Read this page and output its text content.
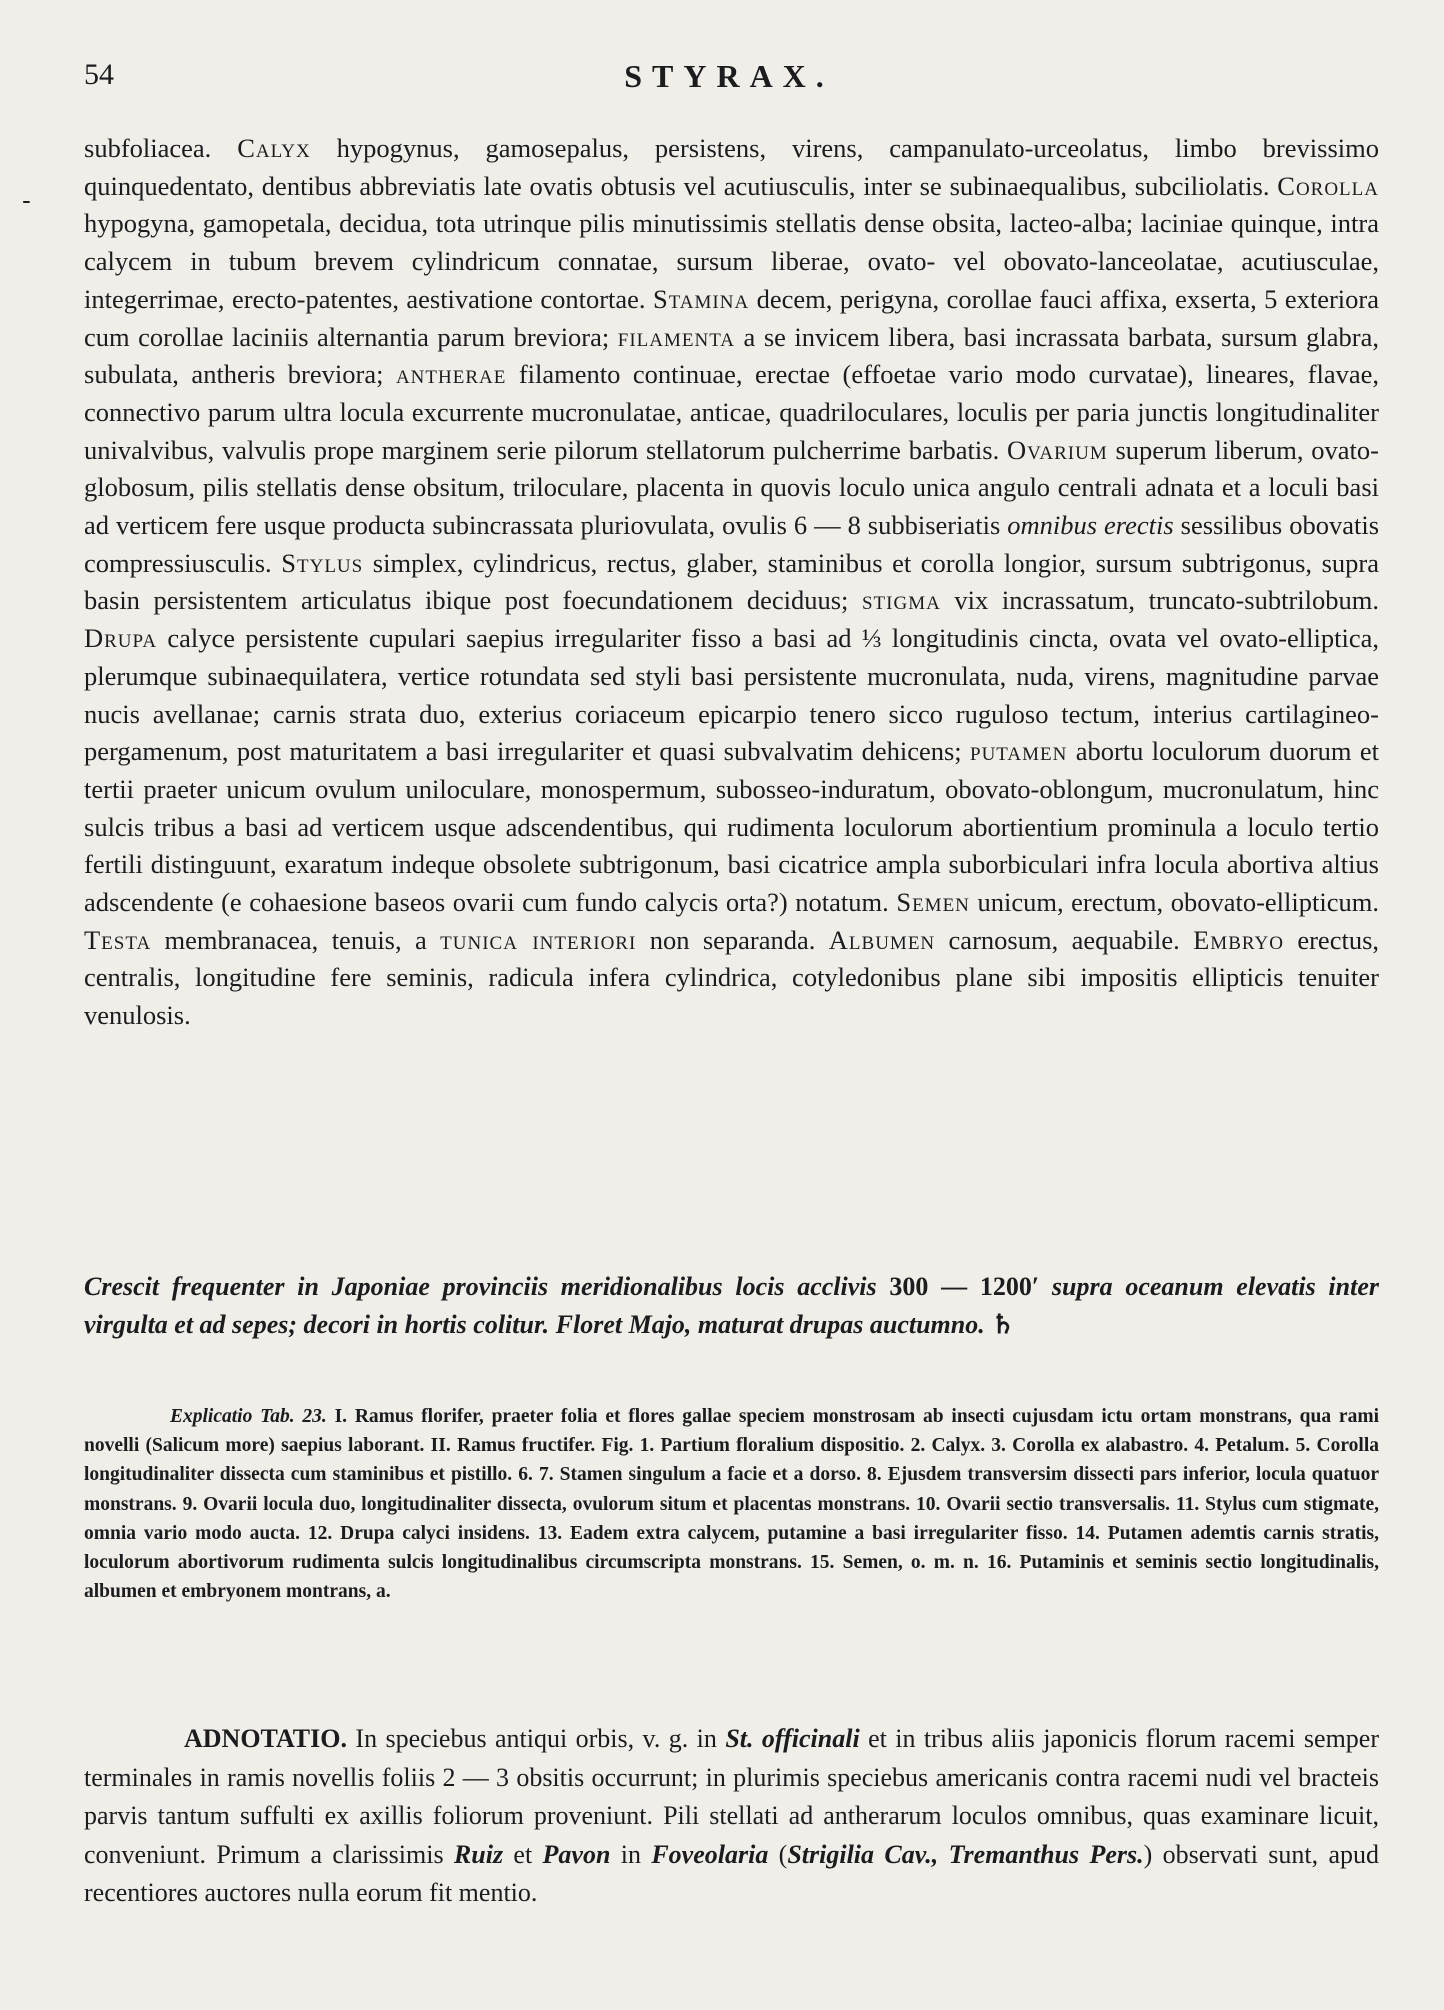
54	STYRAX.
-
subfoliacea. Calyx hypogynus, gamosepalus, persistens, virens, campanulato-urceolatus, limbo brevissimo quinquedentato, dentibus abbreviatis late ovatis obtusis vel acutiusculis, inter se subinaequalibus, subciliolatis. Corolla hypogyna, gamopetala, decidua, tota utrinque pilis minutissimis stellatis dense obsita, lacteo-alba; laciniae quinque, intra calycem in tubum brevem cylindricum connatae, sursum liberae, ovato- vel obovato-lanceolatae, acutiusculae, integerrimae, erecto-patentes, aestivatione contortae. Stamina decem, perigyna, corollae fauci affixa, exserta, 5 exteriora cum corollae laciniis alternantia parum breviora; filamenta a se invicem libera, basi incrassata barbata, sursum glabra, subulata, antheris breviora; antherae filamento continuae, erectae (effoetae vario modo curvatae), lineares, flavae, connectivo parum ultra locula excurrente mucronulatae, anticae, quadriloculares, loculis per paria junctis longitudinaliter univalvibus, valvulis prope marginem serie pilorum stellatorum pulcherrime barbatis. Ovarium superum liberum, ovato-globosum, pilis stellatis dense obsitum, triloculare, placenta in quovis loculo unica angulo centrali adnata et a loculi basi ad verticem fere usque producta subincrassata pluriovulata, ovulis 6 — 8 subbiseriatis omnibus erectis sessilibus obovatis compressiusculis. Stylus simplex, cylindricus, rectus, glaber, staminibus et corolla longior, sursum subtrigonus, supra basin persistentem articulatus ibique post foecundationem deciduus; stigma vix incrassatum, truncato-subtrilobum. Drupa calyce persistente cupulari saepius irregulariter fisso a basi ad ⅓ longitudinis cincta, ovata vel ovato-elliptica, plerumque subinaequilatera, vertice rotundata sed styli basi persistente mucronulata, nuda, virens, magnitudine parvae nucis avellanae; carnis strata duo, exterius coriaceum epicarpio tenero sicco ruguloso tectum, interius cartilagineo-pergamenum, post maturitatem a basi irregulariter et quasi subvalvatim dehicens; putamen abortu loculorum duorum et tertii praeter unicum ovulum uniloculare, monospermum, subosseo-induratum, obovato-oblongum, mucronulatum, hinc sulcis tribus a basi ad verticem usque adscendentibus, qui rudimenta loculorum abortientium prominula a loculo tertio fertili distinguunt, exaratum indeque obsolete subtrigonum, basi cicatrice ampla suborbiculari infra locula abortiva altius adscendente (e cohaesione baseos ovarii cum fundo calycis orta?) notatum. Semen unicum, erectum, obovato-ellipticum. Testa membranacea, tenuis, a tunica interiori non separanda. Albumen carnosum, aequabile. Embryo erectus, centralis, longitudine fere seminis, radicula infera cylindrica, cotyledonibus plane sibi impositis ellipticis tenuiter venulosis.
Crescit frequenter in Japoniae provinciis meridionalibus locis acclivis 300 — 1200′ supra oceanum elevatis inter virgulta et ad sepes; decori in hortis colitur. Floret Majo, maturat drupas auctumno. ♄
Explicatio Tab. 23. I. Ramus florifer, praeter folia et flores gallae speciem monstrosam ab insecti cujusdam ictu ortam monstrans, qua rami novelli (Salicum more) saepius laborant. II. Ramus fructifer. Fig. 1. Partium floralium dispositio. 2. Calyx. 3. Corolla ex alabastro. 4. Petalum. 5. Corolla longitudinaliter dissecta cum staminibus et pistillo. 6. 7. Stamen singulum a facie et a dorso. 8. Ejusdem transversim dissecti pars inferior, locula quatuor monstrans. 9. Ovarii locula duo, longitudinaliter dissecta, ovulorum situm et placentas monstrans. 10. Ovarii sectio transversalis. 11. Stylus cum stigmate, omnia vario modo aucta. 12. Drupa calyci insidens. 13. Eadem extra calycem, putamine a basi irregulariter fisso. 14. Putamen ademtis carnis stratis, loculorum abortivorum rudimenta sulcis longitudinalibus circumscripta monstrans. 15. Semen, o. m. n. 16. Putaminis et seminis sectio longitudinalis, albumen et embryonem montrans, a.
ADNOTATIO. In speciebus antiqui orbis, v. g. in St. officinali et in tribus aliis japonicis florum racemi semper terminales in ramis novellis foliis 2 — 3 obsitis occurrunt; in plurimis speciebus americanis contra racemi nudi vel bracteis parvis tantum suffulti ex axillis foliorum proveniunt. Pili stellati ad antherarum loculos omnibus, quas examinare licuit, conveniunt. Primum a clarissimis Ruiz et Pavon in Foveolaria (Strigilia Cav., Tremanthus Pers.) observati sunt, apud recentiores auctores nulla eorum fit mentio.
